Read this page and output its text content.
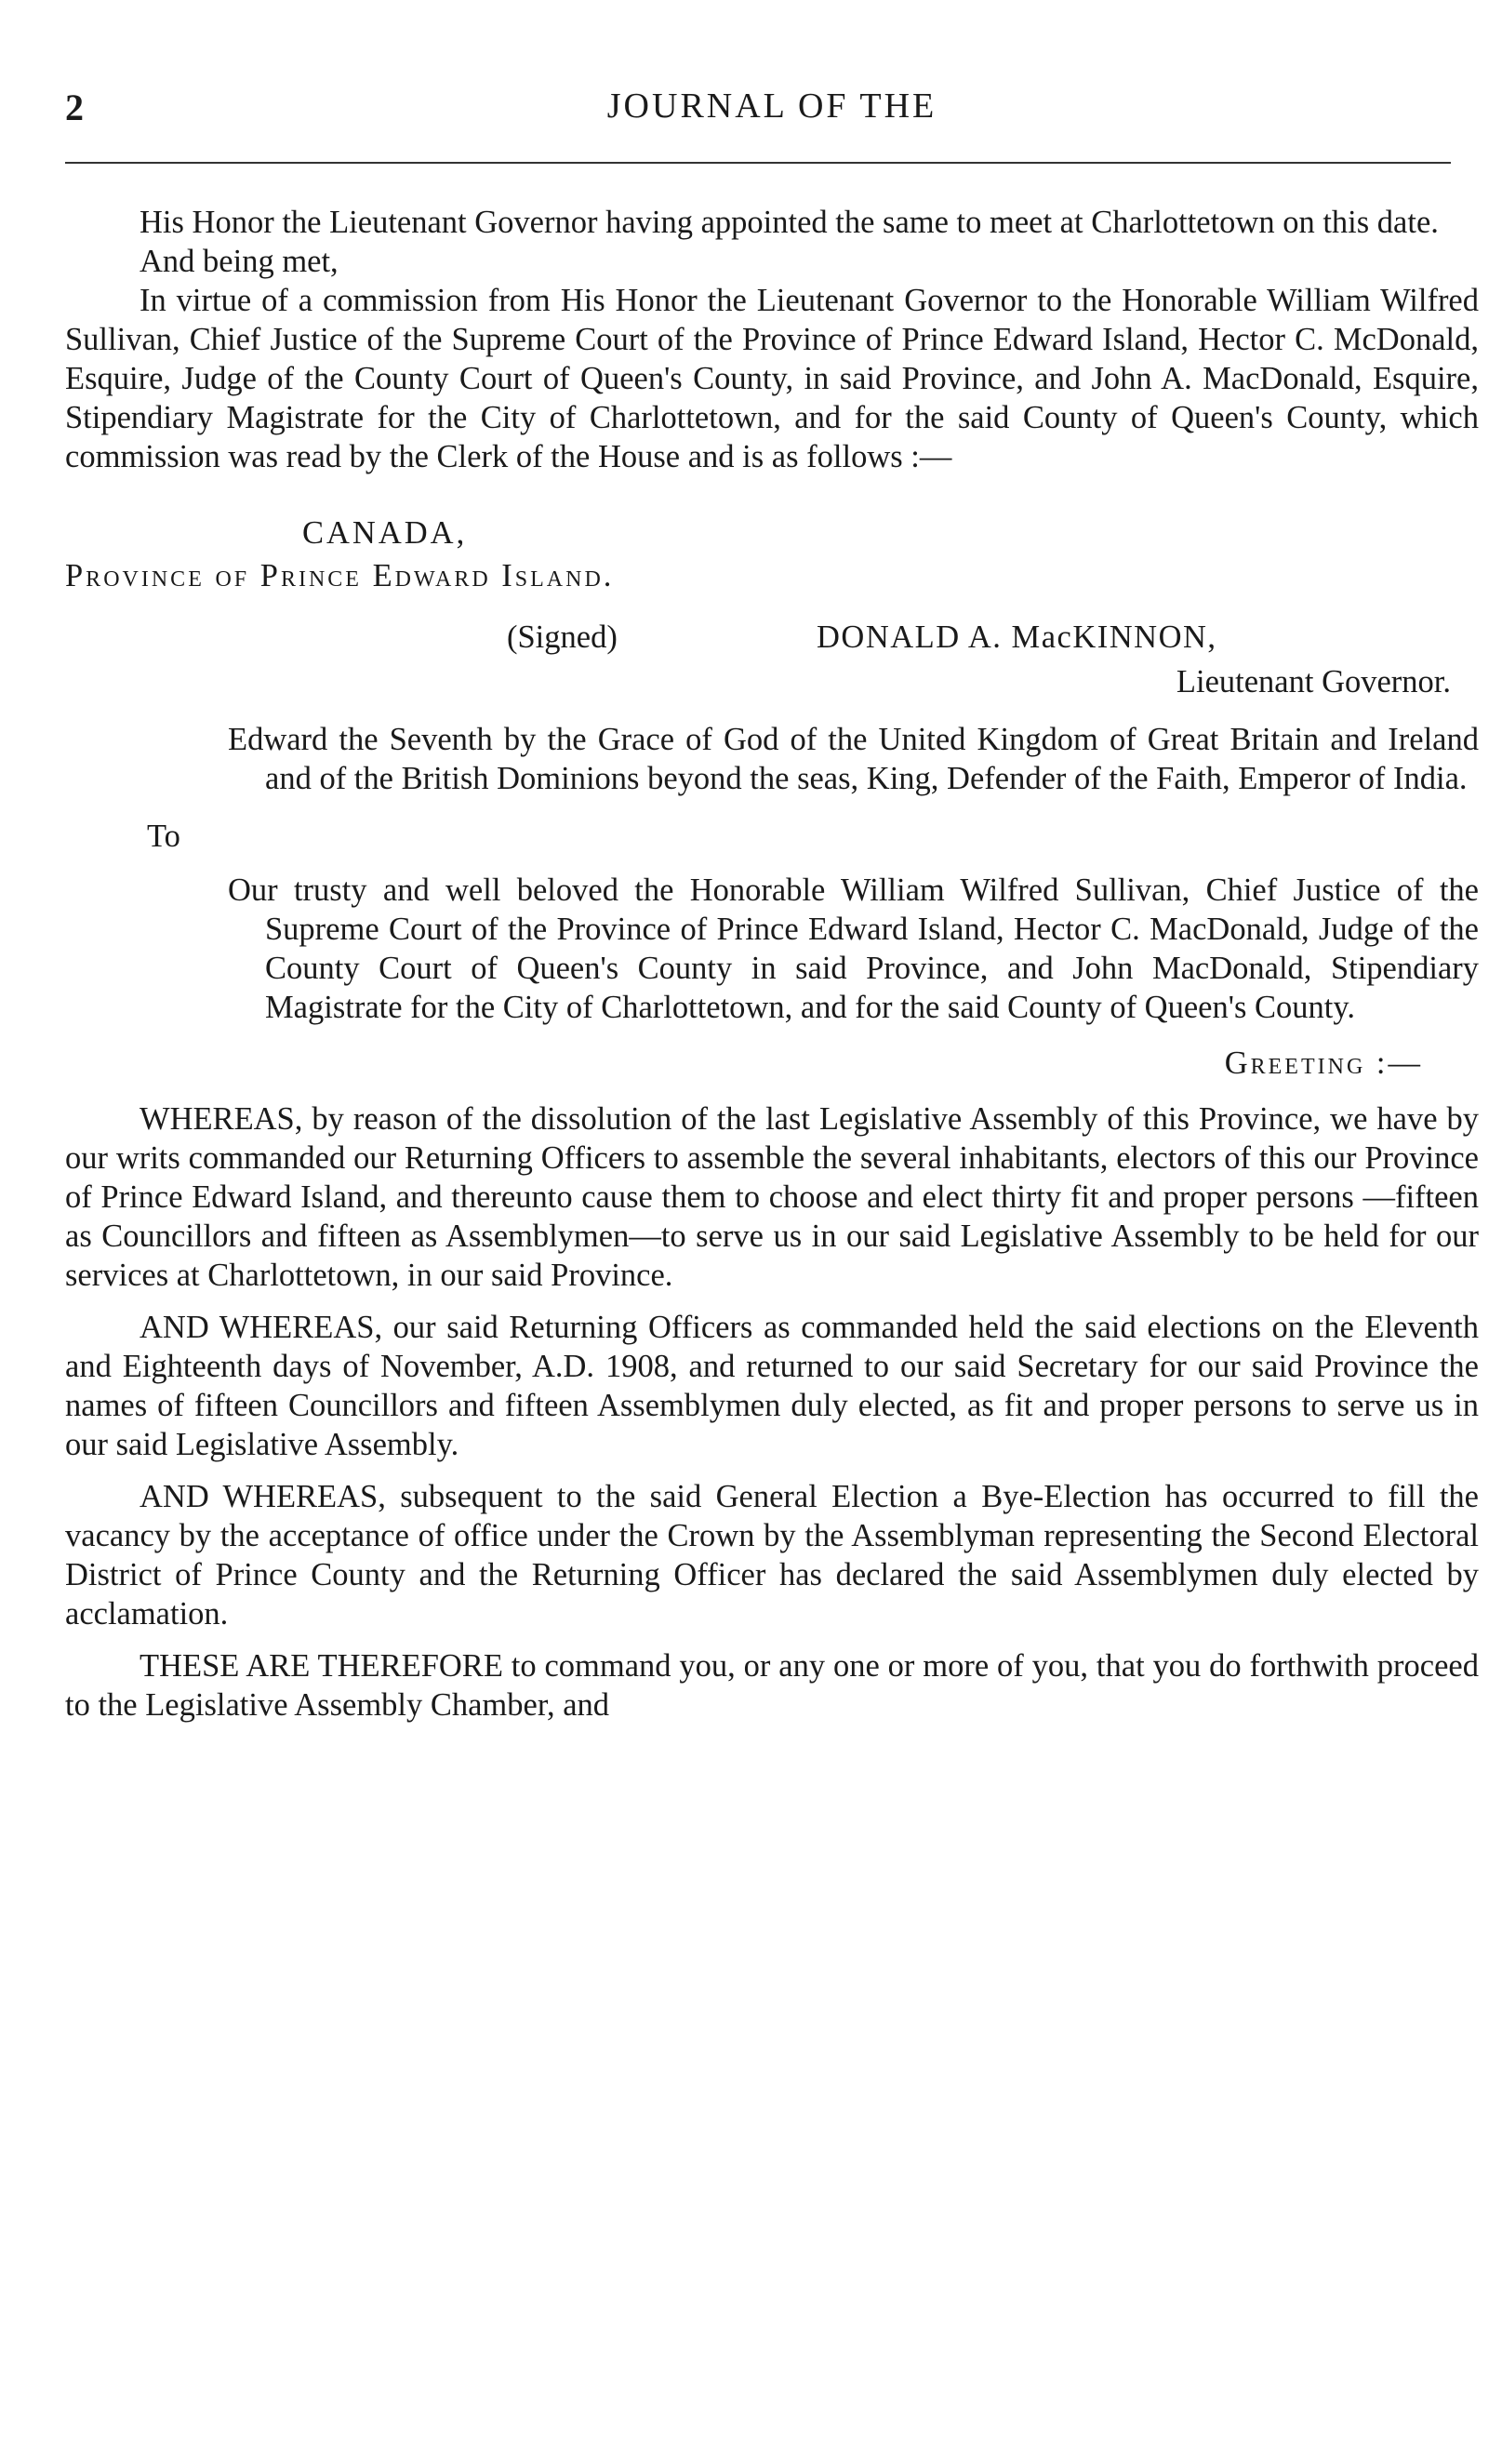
2	JOURNAL OF THE

His Honor the Lieutenant Governor having appointed the same to meet at Charlottetown on this date.

And being met,

In virtue of a commission from His Honor the Lieutenant Governor to the Honorable William Wilfred Sullivan, Chief Justice of the Supreme Court of the Province of Prince Edward Island, Hector C. McDonald, Esquire, Judge of the County Court of Queen's County, in said Province, and John A. MacDonald, Esquire, Stipendiary Magistrate for the City of Charlottetown, and for the said County of Queen's County, which commission was read by the Clerk of the House and is as follows :—

CANADA,
Province of Prince Edward Island.
(Signed)	DONALD A. MacKINNON,
Lieutenant Governor.

Edward the Seventh by the Grace of God of the United Kingdom of Great Britain and Ireland and of the British Dominions beyond the seas, King, Defender of the Faith, Emperor of India.

To

Our trusty and well beloved the Honorable William Wilfred Sullivan, Chief Justice of the Supreme Court of the Province of Prince Edward Island, Hector C. MacDonald, Judge of the County Court of Queen's County in said Province, and John MacDonald, Stipendiary Magistrate for the City of Charlottetown, and for the said County of Queen's County.

Greeting :—

WHEREAS, by reason of the dissolution of the last Legislative Assembly of this Province, we have by our writs commanded our Returning Officers to assemble the several inhabitants, electors of this our Province of Prince Edward Island, and thereunto cause them to choose and elect thirty fit and proper persons —fifteen as Councillors and fifteen as Assemblymen—to serve us in our said Legislative Assembly to be held for our services at Charlottetown, in our said Province.

AND WHEREAS, our said Returning Officers as commanded held the said elections on the Eleventh and Eighteenth days of November, A.D. 1908, and returned to our said Secretary for our said Province the names of fifteen Councillors and fifteen Assemblymen duly elected, as fit and proper persons to serve us in our said Legislative Assembly.

AND WHEREAS, subsequent to the said General Election a Bye-Election has occurred to fill the vacancy by the acceptance of office under the Crown by the Assemblyman representing the Second Electoral District of Prince County and the Returning Officer has declared the said Assemblymen duly elected by acclamation.

THESE ARE THEREFORE to command you, or any one or more of you, that you do forthwith proceed to the Legislative Assembly Chamber, and
